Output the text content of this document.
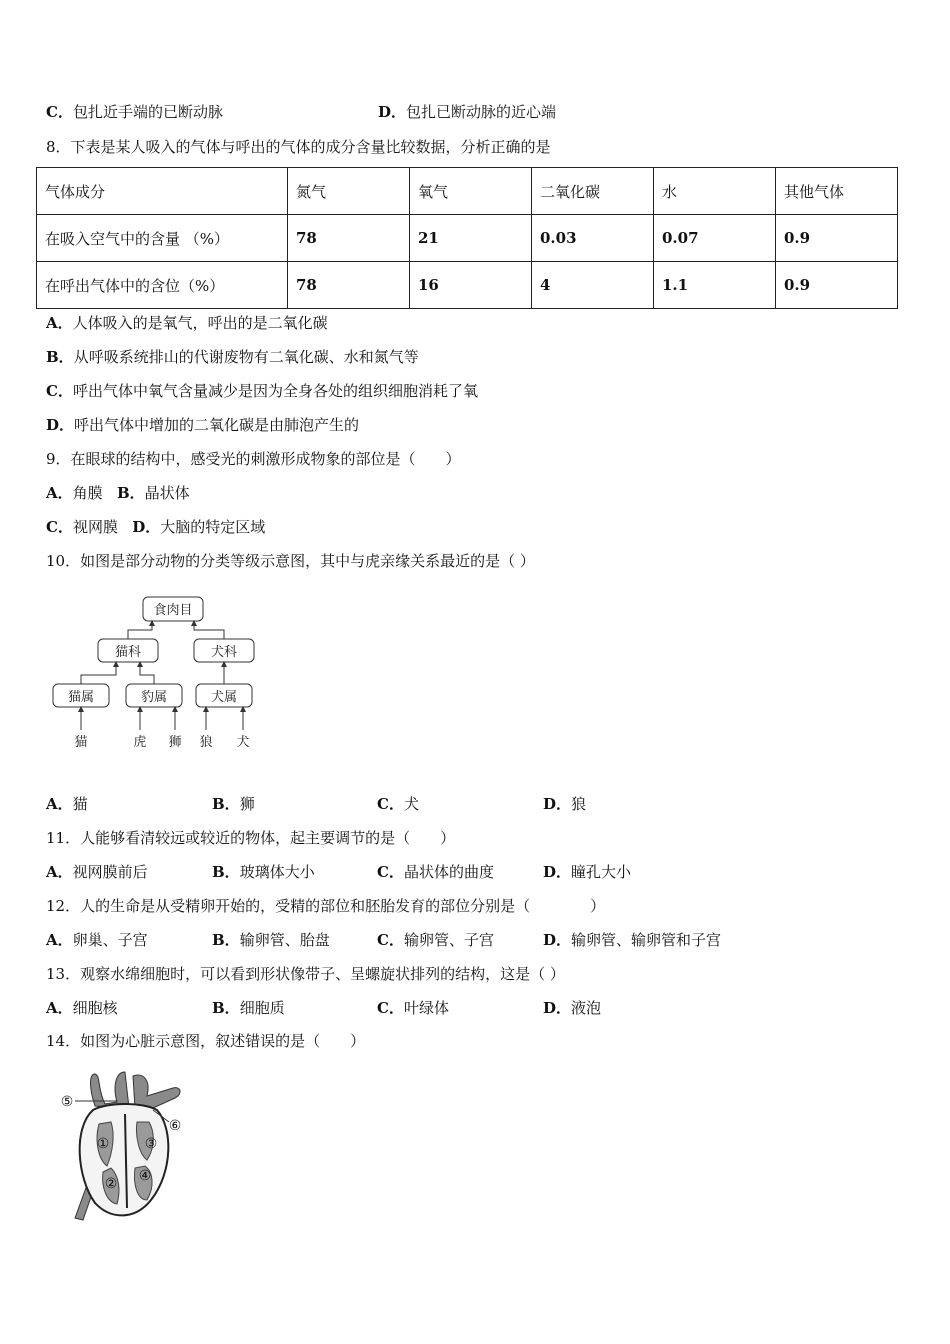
C．包扎近手端的已断动脉	D．包扎已断动脉的近心端
8．下表是某人吸入的气体与呼出的气体的成分含量比较数据，分析正确的是
气体成分	氮气	氧气	二氧化碳	水	其他气体
在吸入空气中的含量 （%）	78	21	0.03	0.07	0.9
在呼出气体中的含位（%）	78	16	4	1.1	0.9
A．人体吸入的是氧气，呼出的是二氧化碳
B．从呼吸系统排山的代谢废物有二氧化碳、水和氮气等
C．呼出气体中氧气含量减少是因为全身各处的组织细胞消耗了氧
D．呼出气体中增加的二氧化碳是由肺泡产生的
9．在眼球的结构中，感受光的刺激形成物象的部位是（　　）
A．角膜 B．晶状体
C．视网膜 D．大脑的特定区域
10．如图是部分动物的分类等级示意图，其中与虎亲缘关系最近的是（ ）
食肉目
猫科	犬科
猫属	豹属	犬属
猫	虎 狮 狼 犬
A．猫	B．狮	C．犬	D．狼
11．人能够看清较远或较近的物体，起主要调节的是（　　）
A．视网膜前后	B．玻璃体大小	C．晶状体的曲度	D．瞳孔大小
12．人的生命是从受精卵开始的，受精的部位和胚胎发育的部位分别是（　　　　）
A．卵巢、子宫	B．输卵管、胎盘	C．输卵管、子宫	D．输卵管、输卵管和子宫
13．观察水绵细胞时，可以看到形状像带子、呈螺旋状排列的结构，这是（ ）
A．细胞核	B．细胞质	C．叶绿体	D．液泡
14．如图为心脏示意图，叙述错误的是（　　）
⑤
⑥
①
②
③
④
